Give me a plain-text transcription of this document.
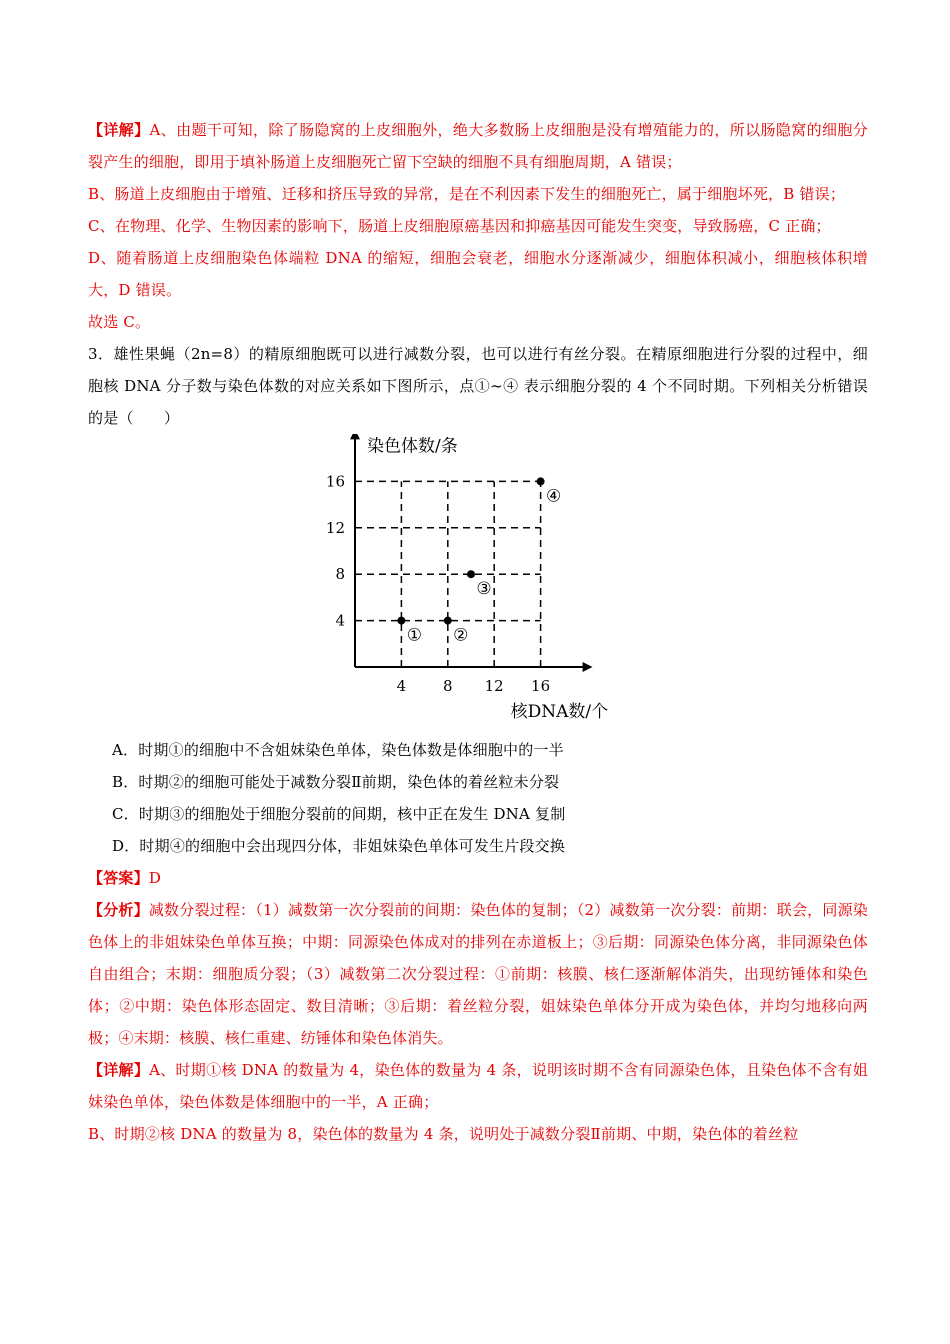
【详解】A、由题干可知，除了肠隐窝的上皮细胞外，绝大多数肠上皮细胞是没有增殖能力的，所以肠隐窝的细胞分裂产生的细胞，即用于填补肠道上皮细胞死亡留下空缺的细胞不具有细胞周期，A 错误；

B、肠道上皮细胞由于增殖、迁移和挤压导致的异常，是在不利因素下发生的细胞死亡，属于细胞坏死，B 错误；

C、在物理、化学、生物因素的影响下，肠道上皮细胞原癌基因和抑癌基因可能发生突变，导致肠癌，C 正确；

D、随着肠道上皮细胞染色体端粒 DNA 的缩短，细胞会衰老，细胞水分逐渐减少，细胞体积减小，细胞核体积增大，D 错误。

故选 C。

3．雄性果蝇（2n=8）的精原细胞既可以进行减数分裂，也可以进行有丝分裂。在精原细胞进行分裂的过程中，细胞核 DNA 分子数与染色体数的对应关系如下图所示，点①~④ 表示细胞分裂的 4 个不同时期。下列相关分析错误的是（　　）

染色体数/条
核DNA数/个
4
8
12
16
4 8 12 16
① ②
③
④

A．时期①的细胞中不含姐妹染色单体，染色体数是体细胞中的一半

B．时期②的细胞可能处于减数分裂Ⅱ前期，染色体的着丝粒未分裂

C．时期③的细胞处于细胞分裂前的间期，核中正在发生 DNA 复制

D．时期④的细胞中会出现四分体，非姐妹染色单体可发生片段交换

【答案】D

【分析】减数分裂过程：（1）减数第一次分裂前的间期：染色体的复制；（2）减数第一次分裂：前期：联会，同源染色体上的非姐妹染色单体互换；中期：同源染色体成对的排列在赤道板上；③后期：同源染色体分离，非同源染色体自由组合；末期：细胞质分裂；（3）减数第二次分裂过程：①前期：核膜、核仁逐渐解体消失，出现纺锤体和染色体；②中期：染色体形态固定、数目清晰；③后期：着丝粒分裂，姐妹染色单体分开成为染色体，并均匀地移向两极；④末期：核膜、核仁重建、纺锤体和染色体消失。

【详解】A、时期①核 DNA 的数量为 4，染色体的数量为 4 条，说明该时期不含有同源染色体，且染色体不含有姐妹染色单体，染色体数是体细胞中的一半，A 正确；

B、时期②核 DNA 的数量为 8，染色体的数量为 4 条，说明处于减数分裂Ⅱ前期、中期，染色体的着丝粒
